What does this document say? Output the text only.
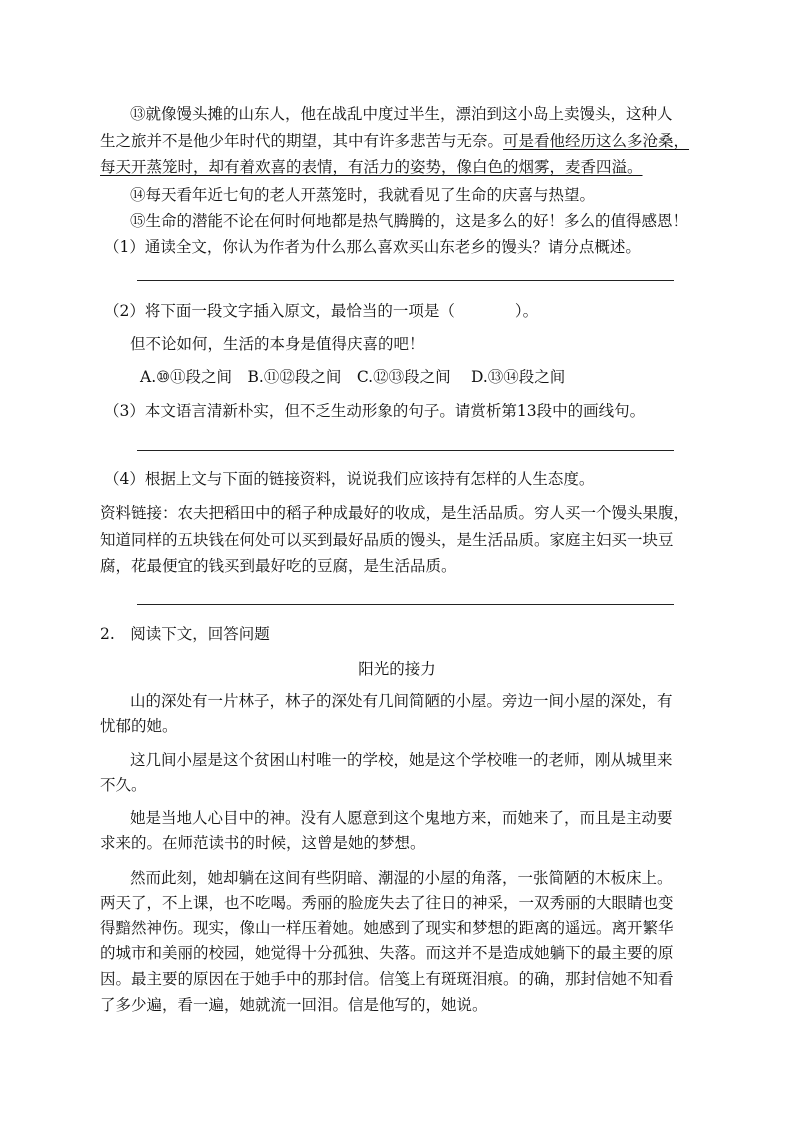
⑬就像馒头摊的山东人，他在战乱中度过半生，漂泊到这小岛上卖馒头，这种人
生之旅并不是他少年时代的期望，其中有许多悲苦与无奈。可是看他经历这么多沧桑，
每天开蒸笼时，却有着欢喜的表情，有活力的姿势，像白色的烟雾，麦香四溢。
⑭每天看年近七旬的老人开蒸笼时，我就看见了生命的庆喜与热望。
⑮生命的潜能不论在何时何地都是热气腾腾的，这是多么的好！多么的值得感恩！
（1）通读全文，你认为作者为什么那么喜欢买山东老乡的馒头？请分点概述。
（2）将下面一段文字插入原文，最恰当的一项是（	）。
但不论如何，生活的本身是值得庆喜的吧！
A.⑩⑪段之间　B.⑪⑫段之间　C.⑫⑬段之间　 D.⑬⑭段之间
（3）本文语言清新朴实，但不乏生动形象的句子。请赏析第13段中的画线句。
（4）根据上文与下面的链接资料，说说我们应该持有怎样的人生态度。
资料链接：农夫把稻田中的稻子种成最好的收成，是生活品质。穷人买一个馒头果腹，
知道同样的五块钱在何处可以买到最好品质的馒头，是生活品质。家庭主妇买一块豆
腐，花最便宜的钱买到最好吃的豆腐，是生活品质。
2.　阅读下文，回答问题
阳光的接力
山的深处有一片林子，林子的深处有几间简陋的小屋。旁边一间小屋的深处，有
忧郁的她。
这几间小屋是这个贫困山村唯一的学校，她是这个学校唯一的老师，刚从城里来
不久。
她是当地人心目中的神。没有人愿意到这个鬼地方来，而她来了，而且是主动要
求来的。在师范读书的时候，这曾是她的梦想。
然而此刻，她却躺在这间有些阴暗、潮湿的小屋的角落，一张简陋的木板床上。
两天了，不上课，也不吃喝。秀丽的脸庞失去了往日的神采，一双秀丽的大眼睛也变
得黯然神伤。现实，像山一样压着她。她感到了现实和梦想的距离的遥远。离开繁华
的城市和美丽的校园，她觉得十分孤独、失落。而这并不是造成她躺下的最主要的原
因。最主要的原因在于她手中的那封信。信笺上有斑斑泪痕。的确，那封信她不知看
了多少遍，看一遍，她就流一回泪。信是他写的，她说。
